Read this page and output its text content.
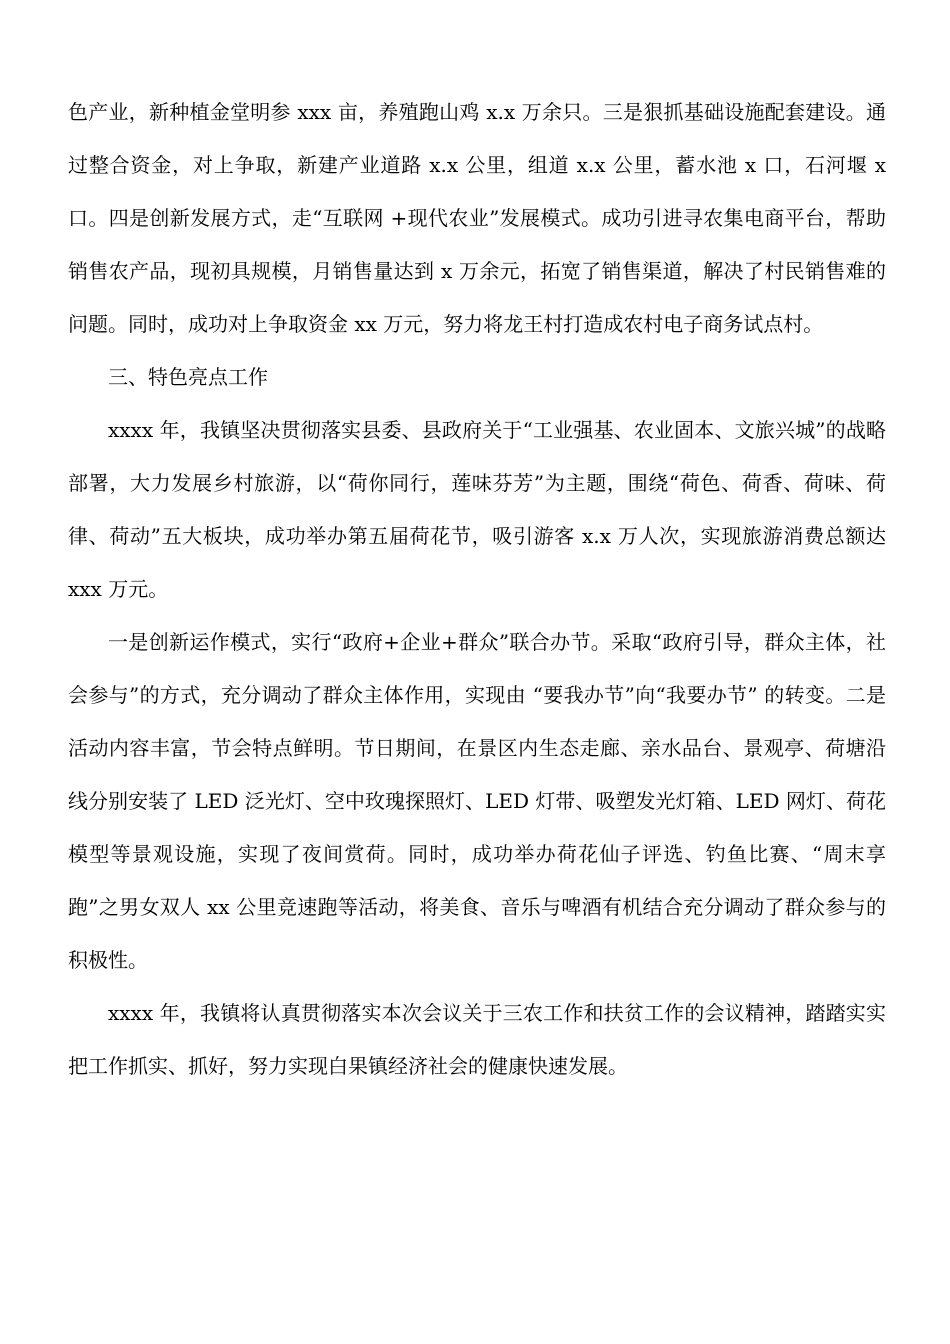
色产业，新种植金堂明参 xxx 亩，养殖跑山鸡 x.x 万余只。三是狠抓基础设施配套建设。通过整合资金，对上争取，新建产业道路 x.x 公里，组道 x.x 公里，蓄水池 x 口，石河堰 x 口。四是创新发展方式，走“互联网 +现代农业”发展模式。成功引进寻农集电商平台，帮助销售农产品，现初具规模，月销售量达到 x 万余元，拓宽了销售渠道，解决了村民销售难的问题。同时，成功对上争取资金 xx 万元，努力将龙王村打造成农村电子商务试点村。

三、特色亮点工作

xxxx 年，我镇坚决贯彻落实县委、县政府关于“工业强基、农业固本、文旅兴城”的战略部署，大力发展乡村旅游，以“荷你同行，莲味芬芳”为主题，围绕“荷色、荷香、荷味、荷律、荷动”五大板块，成功举办第五届荷花节，吸引游客 x.x 万人次，实现旅游消费总额达 xxx 万元。

一是创新运作模式，实行“政府+企业+群众”联合办节。采取“政府引导，群众主体，社会参与”的方式，充分调动了群众主体作用，实现由 “要我办节”向“我要办节” 的转变。二是活动内容丰富，节会特点鲜明。节日期间，在景区内生态走廊、亲水品台、景观亭、荷塘沿线分别安装了 LED 泛光灯、空中玫瑰探照灯、LED 灯带、吸塑发光灯箱、LED 网灯、荷花模型等景观设施，实现了夜间赏荷。同时，成功举办荷花仙子评选、钓鱼比赛、“周末享跑”之男女双人 xx 公里竞速跑等活动，将美食、音乐与啤酒有机结合充分调动了群众参与的积极性。

xxxx 年，我镇将认真贯彻落实本次会议关于三农工作和扶贫工作的会议精神，踏踏实实把工作抓实、抓好，努力实现白果镇经济社会的健康快速发展。
